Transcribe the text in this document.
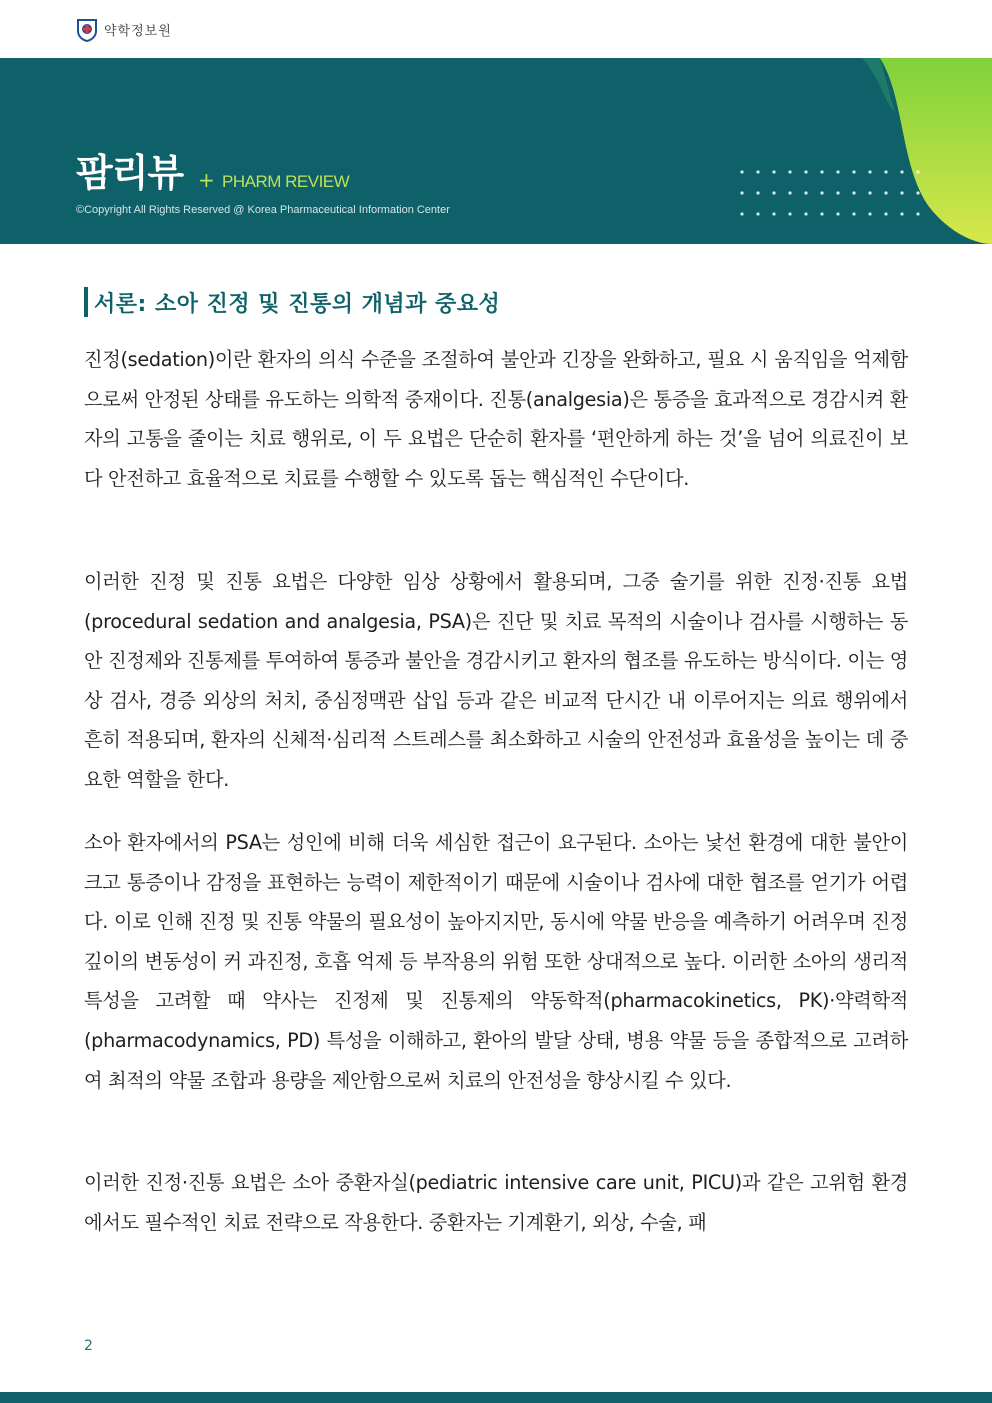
약학정보원
팜리뷰 + PHARM REVIEW
©Copyright All Rights Reserved @ Korea Pharmaceutical Information Center
서론: 소아 진정 및 진통의 개념과 중요성

진정(sedation)이란 환자의 의식 수준을 조절하여 불안과 긴장을 완화하고, 필요 시 움직임을 억제함으로써 안정된 상태를 유도하는 의학적 중재이다. 진통(analgesia)은 통증을 효과적으로 경감시켜 환자의 고통을 줄이는 치료 행위로, 이 두 요법은 단순히 환자를 ‘편안하게 하는 것’을 넘어 의료진이 보다 안전하고 효율적으로 치료를 수행할 수 있도록 돕는 핵심적인 수단이다.

이러한 진정 및 진통 요법은 다양한 임상 상황에서 활용되며, 그중 술기를 위한 진정·진통 요법(procedural sedation and analgesia, PSA)은 진단 및 치료 목적의 시술이나 검사를 시행하는 동안 진정제와 진통제를 투여하여 통증과 불안을 경감시키고 환자의 협조를 유도하는 방식이다. 이는 영상 검사, 경증 외상의 처치, 중심정맥관 삽입 등과 같은 비교적 단시간 내 이루어지는 의료 행위에서 흔히 적용되며, 환자의 신체적·심리적 스트레스를 최소화하고 시술의 안전성과 효율성을 높이는 데 중요한 역할을 한다.

소아 환자에서의 PSA는 성인에 비해 더욱 세심한 접근이 요구된다. 소아는 낯선 환경에 대한 불안이 크고 통증이나 감정을 표현하는 능력이 제한적이기 때문에 시술이나 검사에 대한 협조를 얻기가 어렵다. 이로 인해 진정 및 진통 약물의 필요성이 높아지지만, 동시에 약물 반응을 예측하기 어려우며 진정 깊이의 변동성이 커 과진정, 호흡 억제 등 부작용의 위험 또한 상대적으로 높다. 이러한 소아의 생리적 특성을 고려할 때 약사는 진정제 및 진통제의 약동학적(pharmacokinetics, PK)·약력학적(pharmacodynamics, PD) 특성을 이해하고, 환아의 발달 상태, 병용 약물 등을 종합적으로 고려하여 최적의 약물 조합과 용량을 제안함으로써 치료의 안전성을 향상시킬 수 있다.

이러한 진정·진통 요법은 소아 중환자실(pediatric intensive care unit, PICU)과 같은 고위험 환경에서도 필수적인 치료 전략으로 작용한다. 중환자는 기계환기, 외상, 수술, 패

2
